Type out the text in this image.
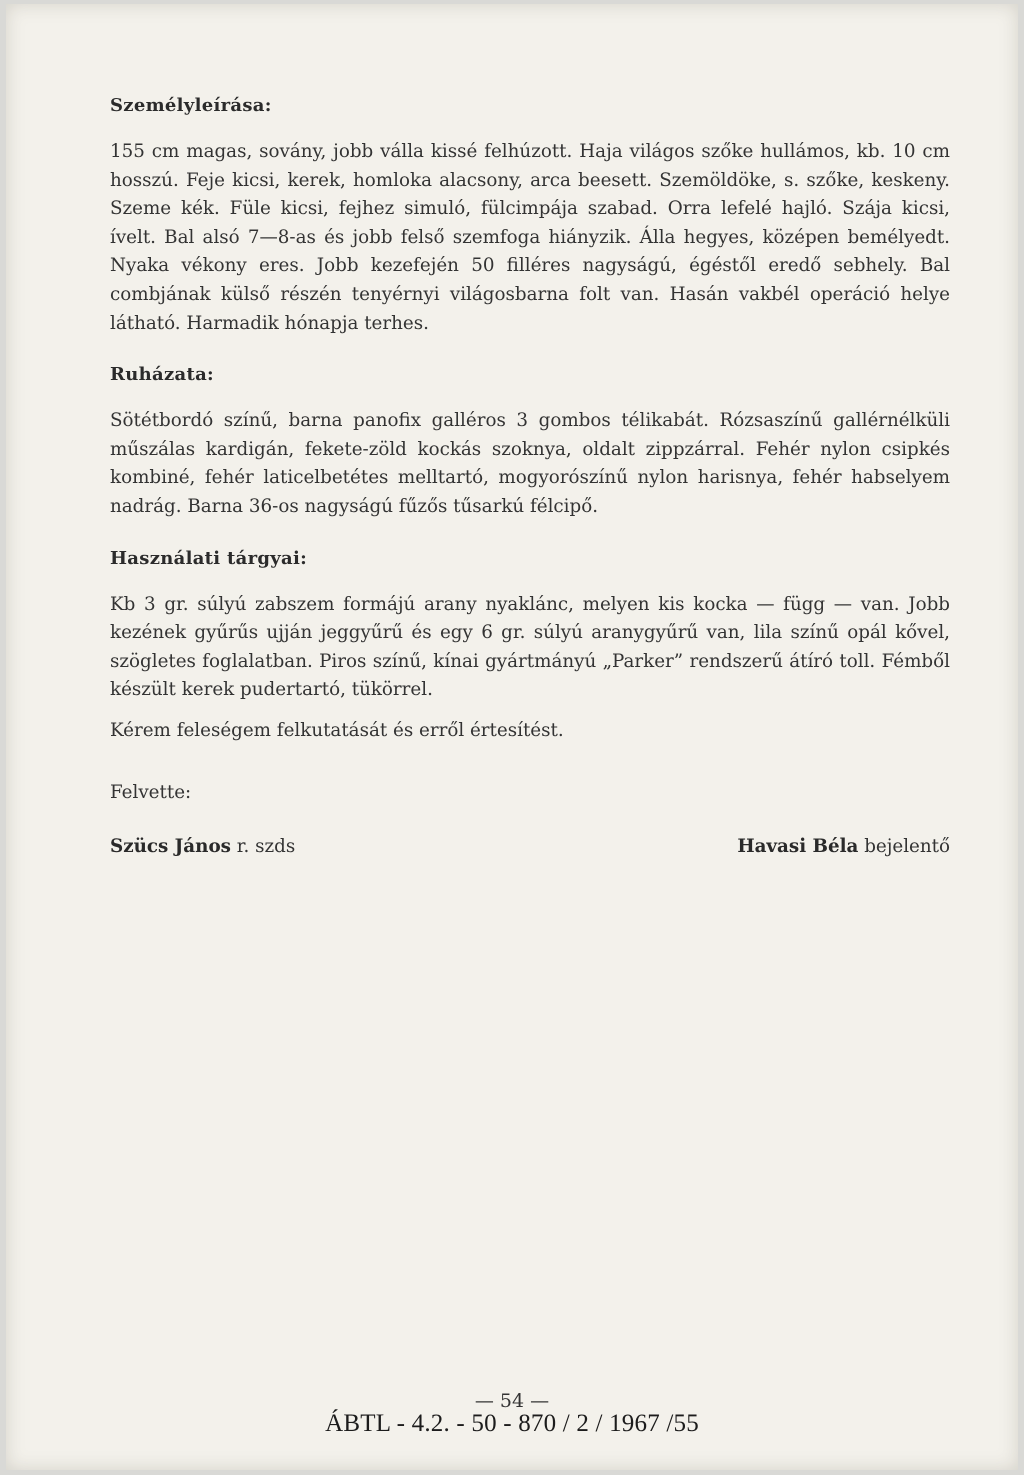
Személyleírása:

155 cm magas, sovány, jobb válla kissé felhúzott. Haja világos szőke hullámos, kb. 10 cm hosszú. Feje kicsi, kerek, homloka alacsony, arca beesett. Szemöldöke, s. szőke, keskeny. Szeme kék. Füle kicsi, fejhez simuló, fülcimpája szabad. Orra lefelé hajló. Szája kicsi, ívelt. Bal alsó 7—8-as és jobb felső szemfoga hiányzik. Álla hegyes, középen bemélyedt. Nyaka vékony eres. Jobb kezefején 50 filléres nagyságú, égéstől eredő sebhely. Bal combjának külső részén tenyérnyi világosbarna folt van. Hasán vakbél operáció helye látható. Harmadik hónapja terhes.

Ruházata:

Sötétbordó színű, barna panofix galléros 3 gombos télikabát. Rózsaszínű gallérnélküli műszálas kardigán, fekete-zöld kockás szoknya, oldalt zippzárral. Fehér nylon csipkés kombiné, fehér laticelbetétes melltartó, mogyorószínű nylon harisnya, fehér habselyem nadrág. Barna 36-os nagyságú fűzős tűsarkú félcipő.

Használati tárgyai:

Kb 3 gr. súlyú zabszem formájú arany nyaklánc, melyen kis kocka — függ — van. Jobb kezének gyűrűs ujján jeggyűrű és egy 6 gr. súlyú aranygyűrű van, lila színű opál kővel, szögletes foglalatban. Piros színű, kínai gyártmányú „Parker” rendszerű átíró toll. Fémből készült kerek pudertartó, tükörrel.

Kérem feleségem felkutatását és erről értesítést.

Felvette:
Szücs János r. szds	Havasi Béla bejelentő
— 54 —
ÁBTL - 4.2. - 50 - 870 / 2 / 1967 /55
